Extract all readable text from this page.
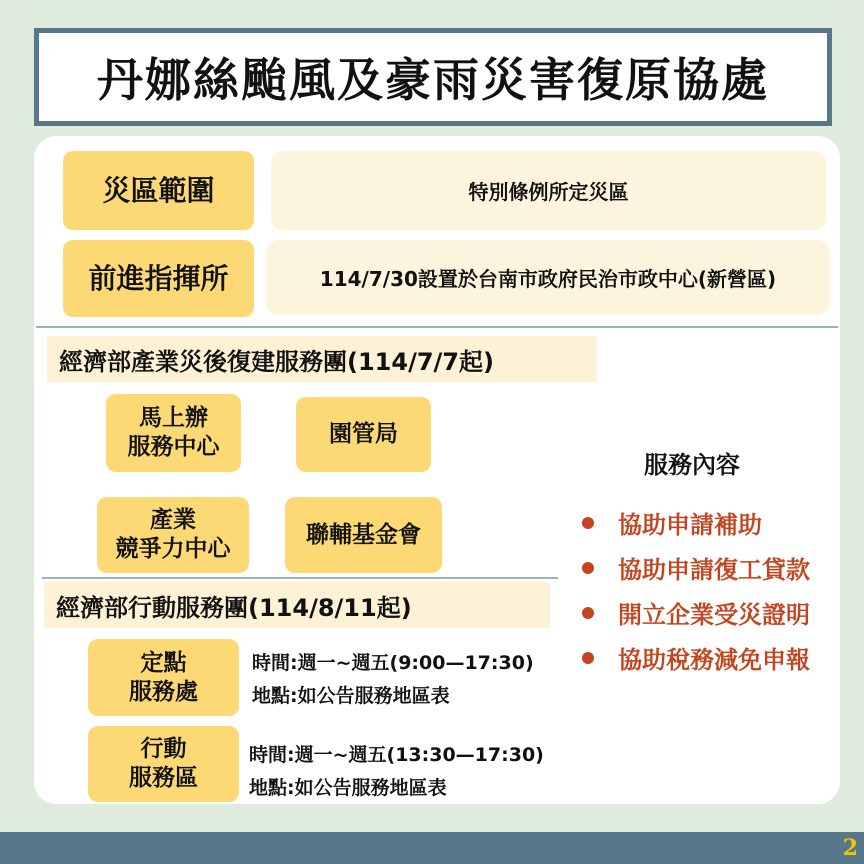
丹娜絲颱風及豪雨災害復原協處
災區範圍	特別條例所定災區
前進指揮所	114/7/30設置於台南市政府民治市政中心(新營區)
經濟部產業災後復建服務團(114/7/7起)
馬上辦
服務中心	園管局
產業
競爭力中心
聯輔基金會
經濟部行動服務團(114/8/11起)
定點
服務處
時間:週一~週五(9:00—17:30)
地點:如公告服務地區表
行動
服務區
時間:週一~週五(13:30—17:30)
地點:如公告服務地區表
服務內容
協助申請補助
協助申請復工貸款
開立企業受災證明
協助稅務減免申報
2
